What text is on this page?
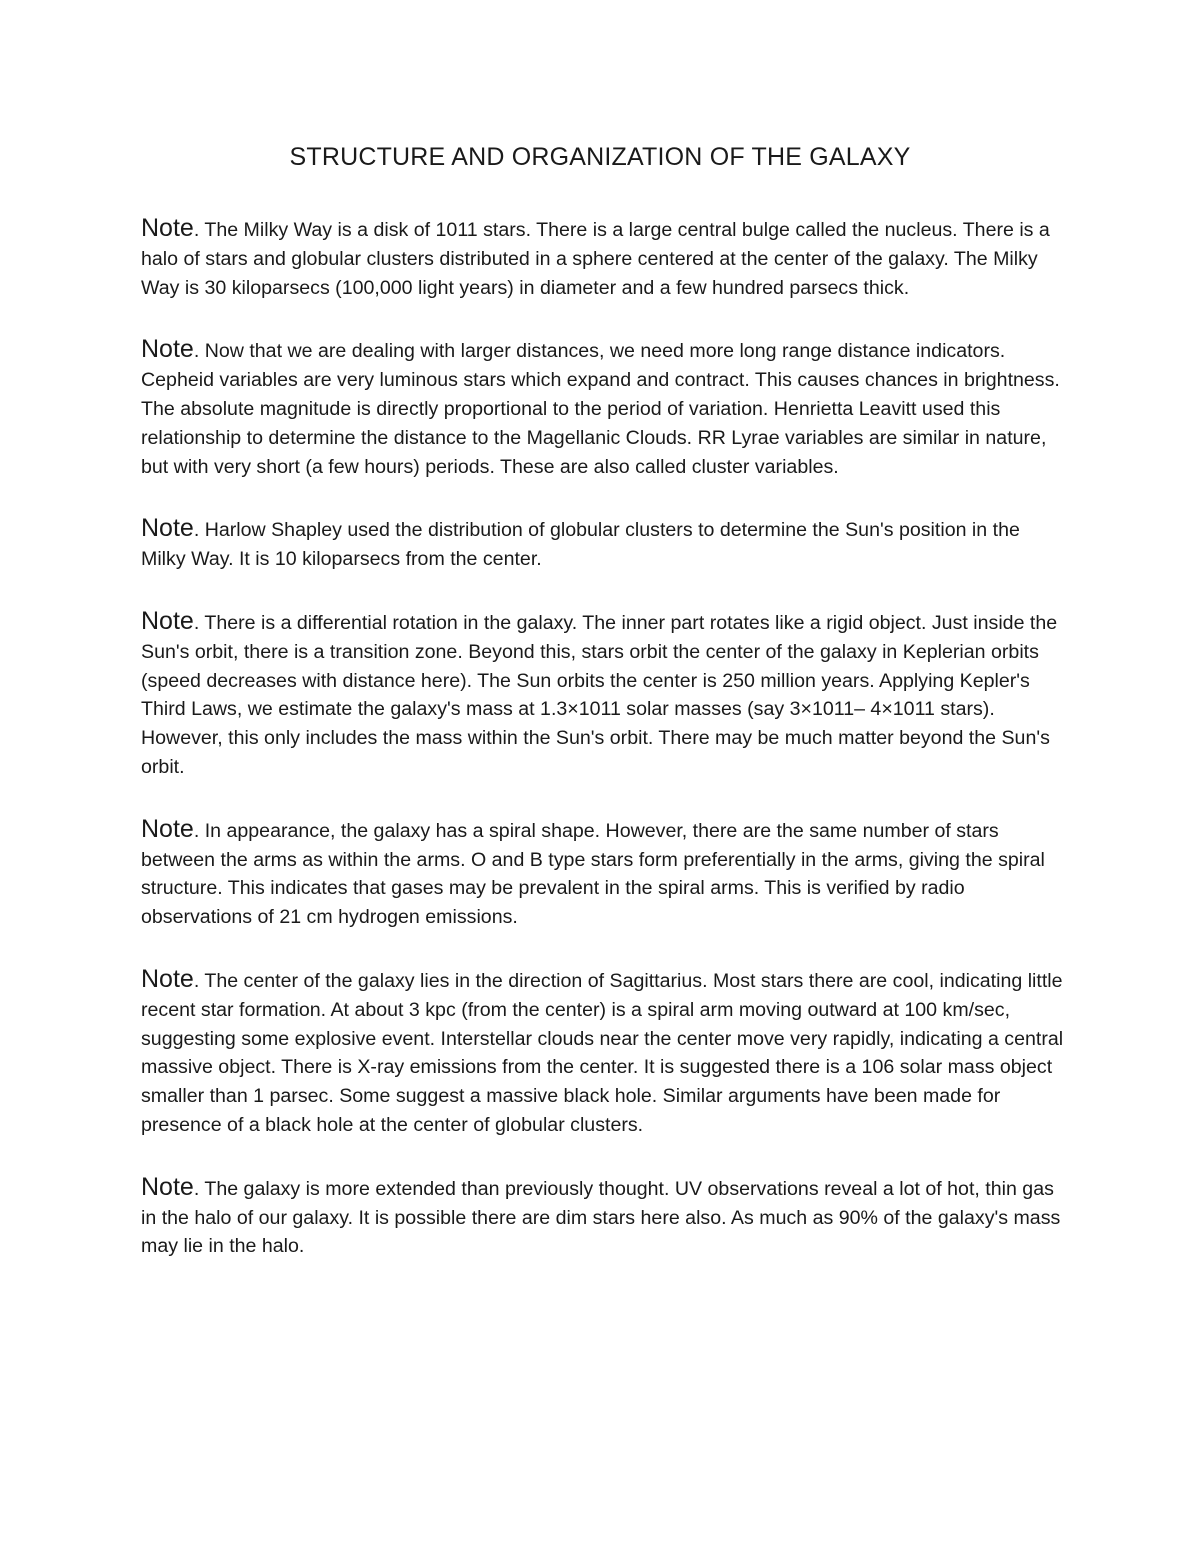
STRUCTURE AND ORGANIZATION OF THE GALAXY

Note. The Milky Way is a disk of 1011 stars. There is a large central bulge called the nucleus. There is a halo of stars and globular clusters distributed in a sphere centered at the center of the galaxy. The Milky Way is 30 kiloparsecs (100,000 light years) in diameter and a few hundred parsecs thick.

Note. Now that we are dealing with larger distances, we need more long range distance indicators. Cepheid variables are very luminous stars which expand and contract. This causes chances in brightness. The absolute magnitude is directly proportional to the period of variation. Henrietta Leavitt used this relationship to determine the distance to the Magellanic Clouds. RR Lyrae variables are similar in nature, but with very short (a few hours) periods. These are also called cluster variables.

Note. Harlow Shapley used the distribution of globular clusters to determine the Sun's position in the Milky Way. It is 10 kiloparsecs from the center.

Note. There is a differential rotation in the galaxy. The inner part rotates like a rigid object. Just inside the Sun's orbit, there is a transition zone. Beyond this, stars orbit the center of the galaxy in Keplerian orbits (speed decreases with distance here). The Sun orbits the center is 250 million years. Applying Kepler's Third Laws, we estimate the galaxy's mass at 1.3×1011 solar masses (say 3×1011– 4×1011 stars). However, this only includes the mass within the Sun's orbit. There may be much matter beyond the Sun's orbit.

Note. In appearance, the galaxy has a spiral shape. However, there are the same number of stars between the arms as within the arms. O and B type stars form preferentially in the arms, giving the spiral structure. This indicates that gases may be prevalent in the spiral arms. This is verified by radio observations of 21 cm hydrogen emissions.

Note. The center of the galaxy lies in the direction of Sagittarius. Most stars there are cool, indicating little recent star formation. At about 3 kpc (from the center) is a spiral arm moving outward at 100 km/sec, suggesting some explosive event. Interstellar clouds near the center move very rapidly, indicating a central massive object. There is X-ray emissions from the center. It is suggested there is a 106 solar mass object smaller than 1 parsec. Some suggest a massive black hole. Similar arguments have been made for presence of a black hole at the center of globular clusters.

Note. The galaxy is more extended than previously thought. UV observations reveal a lot of hot, thin gas in the halo of our galaxy. It is possible there are dim stars here also. As much as 90% of the galaxy's mass may lie in the halo.
